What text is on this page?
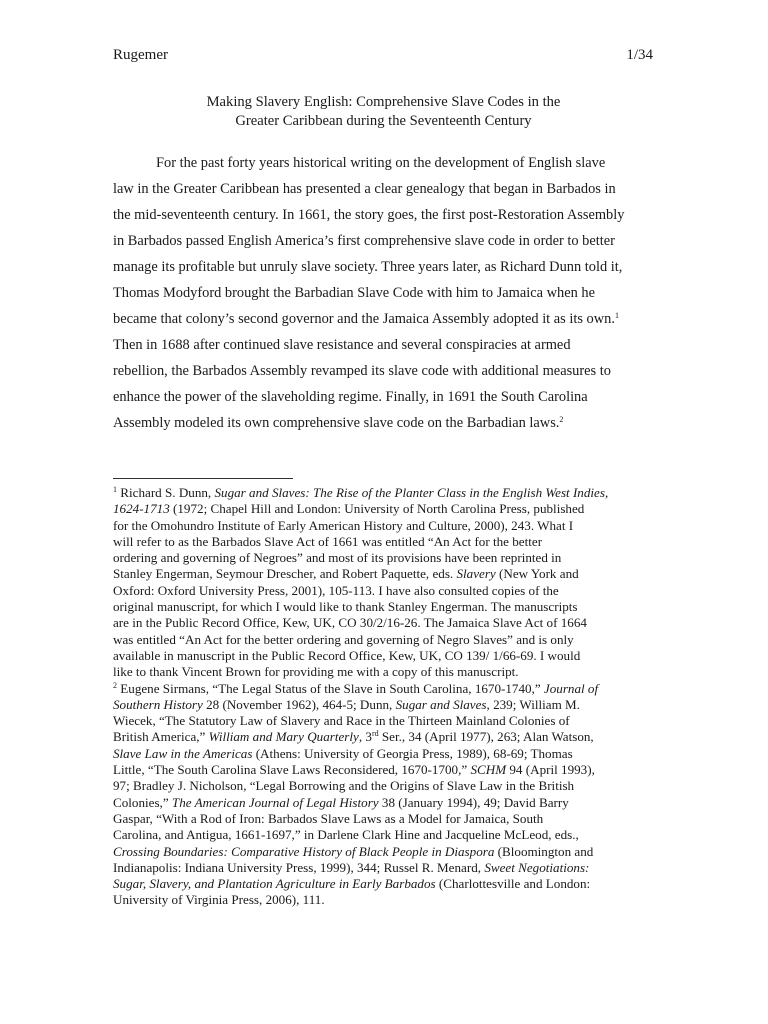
Rugemer	1/34
Making Slavery English: Comprehensive Slave Codes in the
Greater Caribbean during the Seventeenth Century
For the past forty years historical writing on the development of English slave
law in the Greater Caribbean has presented a clear genealogy that began in Barbados in
the mid-seventeenth century. In 1661, the story goes, the first post-Restoration Assembly
in Barbados passed English America’s first comprehensive slave code in order to better
manage its profitable but unruly slave society. Three years later, as Richard Dunn told it,
Thomas Modyford brought the Barbadian Slave Code with him to Jamaica when he
became that colony’s second governor and the Jamaica Assembly adopted it as its own.$^1$
Then in 1688 after continued slave resistance and several conspiracies at armed
rebellion, the Barbados Assembly revamped its slave code with additional measures to
enhance the power of the slaveholding regime. Finally, in 1691 the South Carolina
Assembly modeled its own comprehensive slave code on the Barbadian laws.$^2$
$^1$ Richard S. Dunn, Sugar and Slaves: The Rise of the Planter Class in the English West Indies,
1624-1713 (1972; Chapel Hill and London: University of North Carolina Press, published
for the Omohundro Institute of Early American History and Culture, 2000), 243. What I
will refer to as the Barbados Slave Act of 1661 was entitled “An Act for the better
ordering and governing of Negroes” and most of its provisions have been reprinted in
Stanley Engerman, Seymour Drescher, and Robert Paquette, eds. Slavery (New York and
Oxford: Oxford University Press, 2001), 105-113. I have also consulted copies of the
original manuscript, for which I would like to thank Stanley Engerman. The manuscripts
are in the Public Record Office, Kew, UK, CO 30/2/16-26. The Jamaica Slave Act of 1664
was entitled “An Act for the better ordering and governing of Negro Slaves” and is only
available in manuscript in the Public Record Office, Kew, UK, CO 139/ 1/66-69. I would
like to thank Vincent Brown for providing me with a copy of this manuscript.
$^2$ Eugene Sirmans, “The Legal Status of the Slave in South Carolina, 1670-1740,” Journal of
Southern History 28 (November 1962), 464-5; Dunn, Sugar and Slaves, 239; William M.
Wiecek, “The Statutory Law of Slavery and Race in the Thirteen Mainland Colonies of
British America,” William and Mary Quarterly, 3rd Ser., 34 (April 1977), 263; Alan Watson,
Slave Law in the Americas (Athens: University of Georgia Press, 1989), 68-69; Thomas
Little, “The South Carolina Slave Laws Reconsidered, 1670-1700,” SCHM 94 (April 1993),
97; Bradley J. Nicholson, “Legal Borrowing and the Origins of Slave Law in the British
Colonies,” The American Journal of Legal History 38 (January 1994), 49; David Barry
Gaspar, “With a Rod of Iron: Barbados Slave Laws as a Model for Jamaica, South
Carolina, and Antigua, 1661-1697,” in Darlene Clark Hine and Jacqueline McLeod, eds.,
Crossing Boundaries: Comparative History of Black People in Diaspora (Bloomington and
Indianapolis: Indiana University Press, 1999), 344; Russel R. Menard, Sweet Negotiations:
Sugar, Slavery, and Plantation Agriculture in Early Barbados (Charlottesville and London:
University of Virginia Press, 2006), 111.
